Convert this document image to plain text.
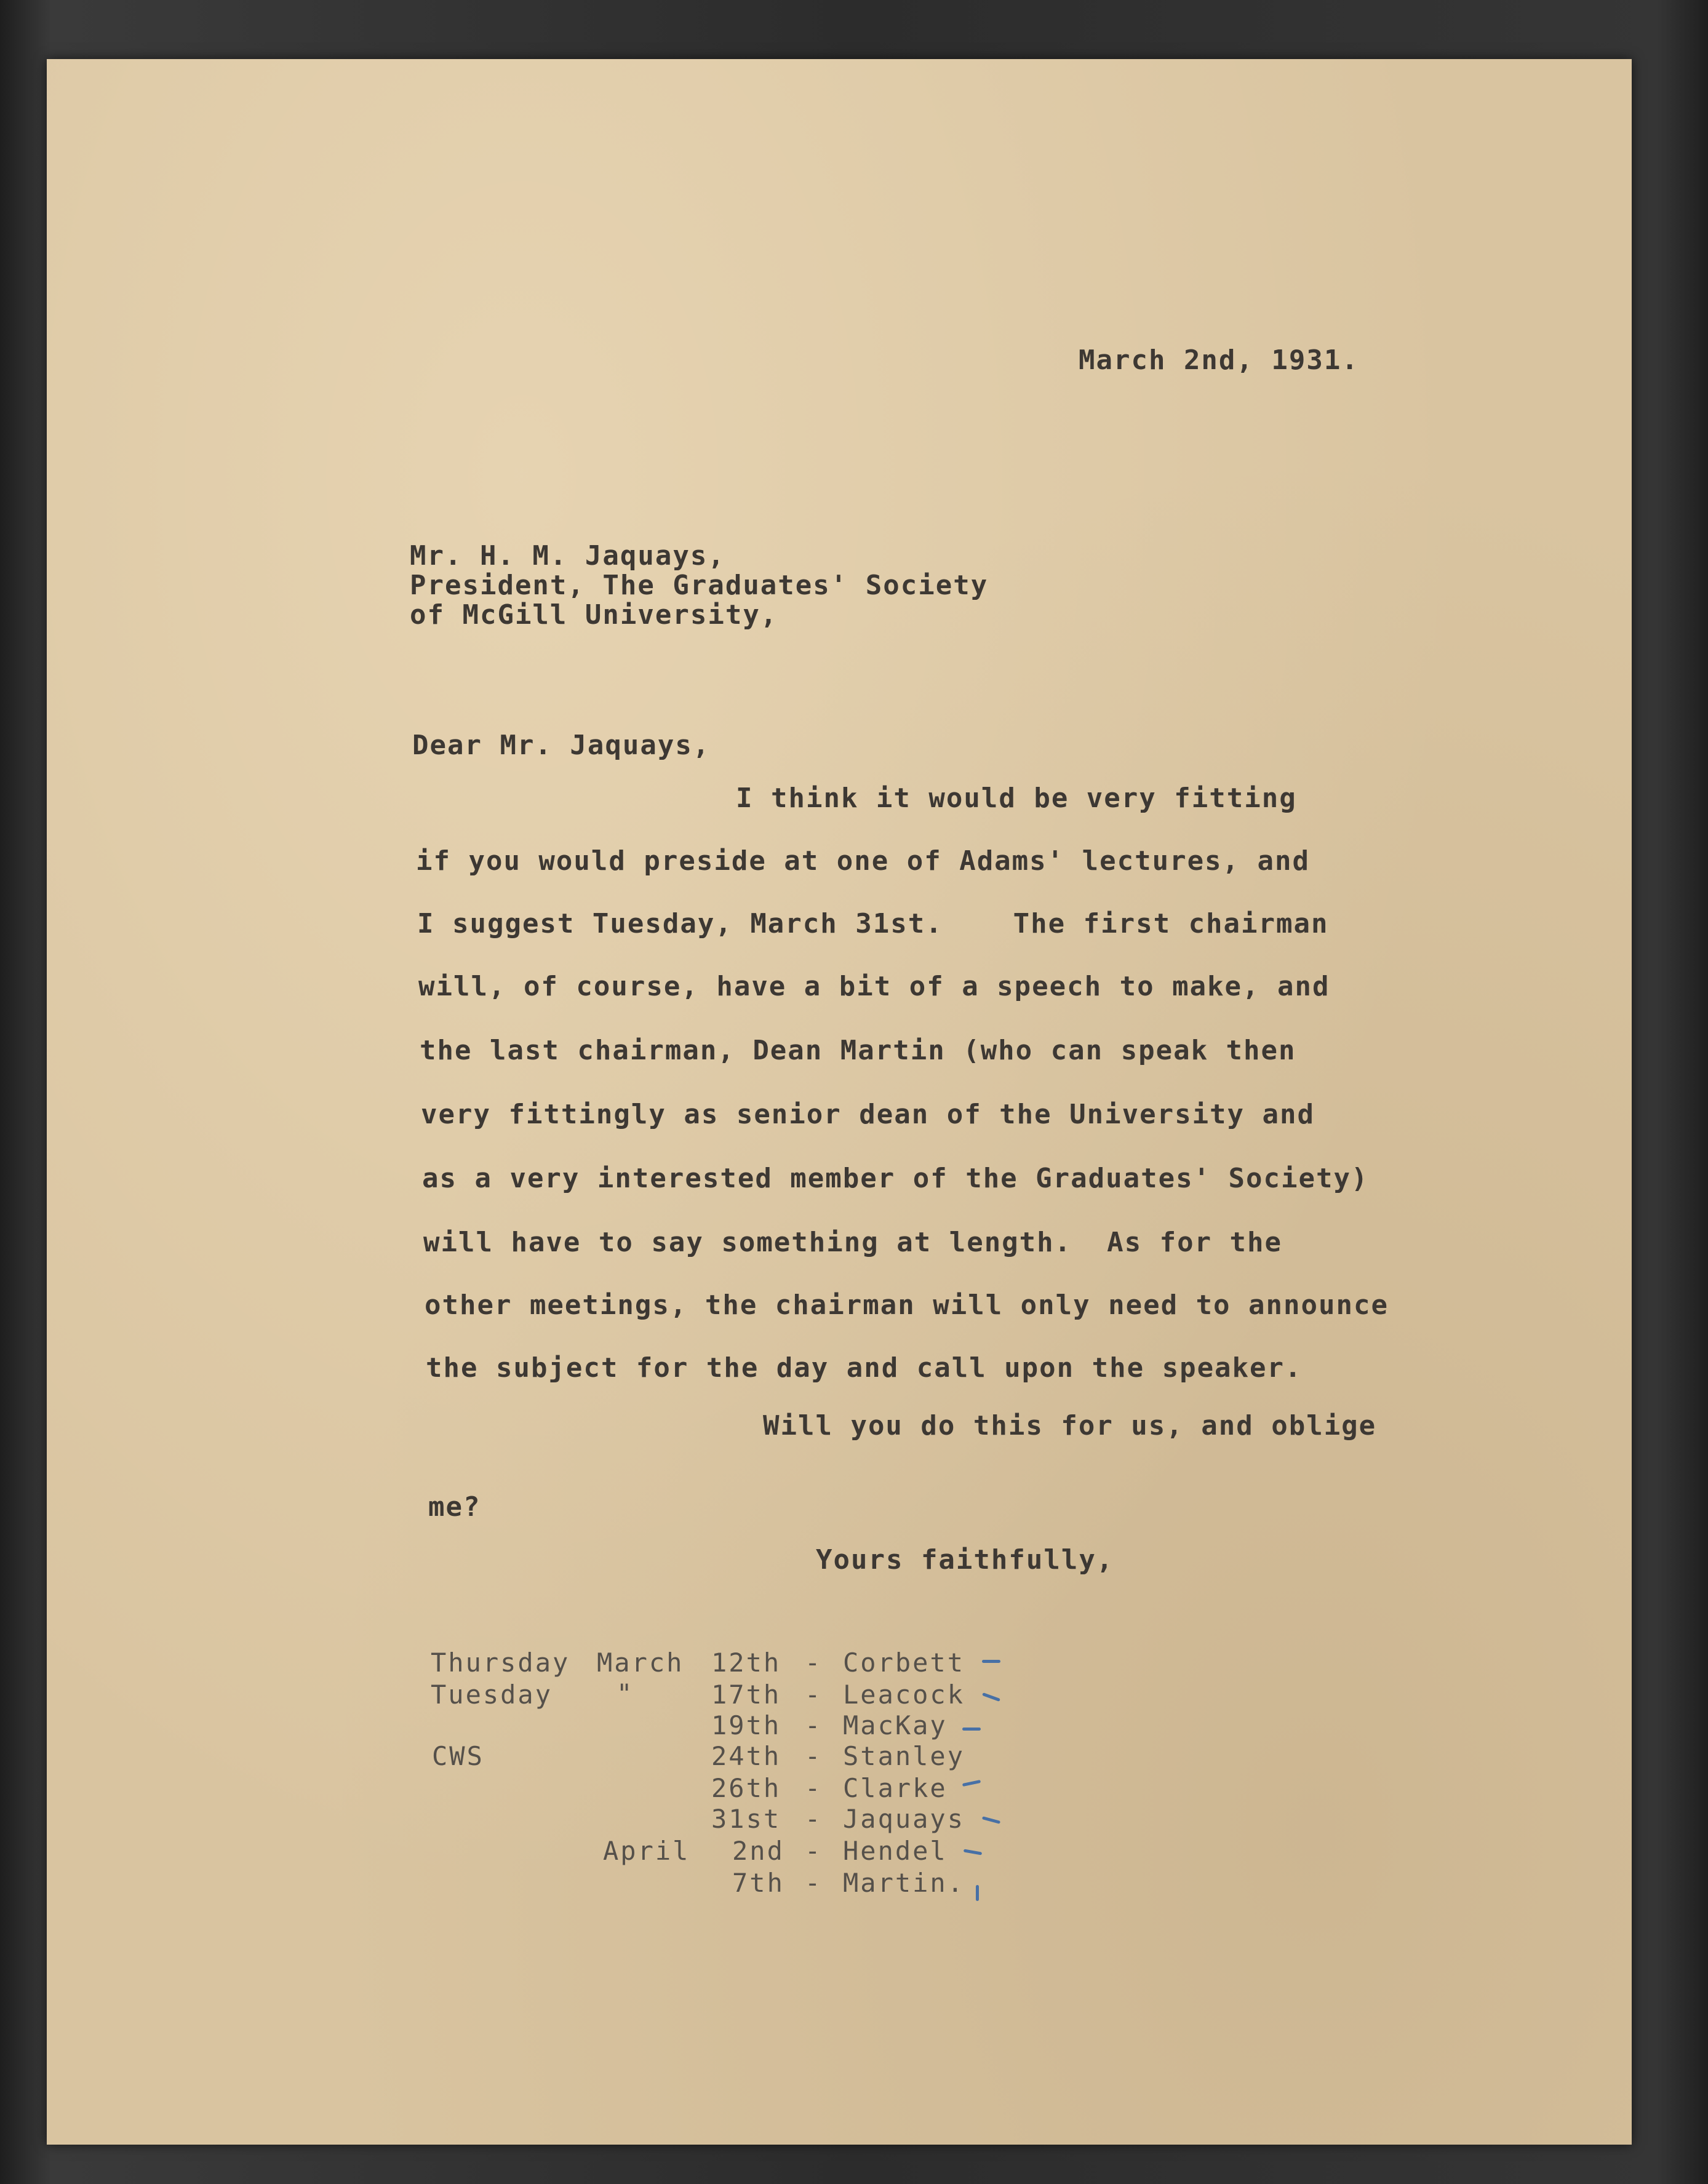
March 2nd, 1931.
Mr. H. M. Jaquays,
President, The Graduates' Society
of McGill University,
Dear Mr. Jaquays,
I think it would be very fitting
if you would preside at one of Adams' lectures, and
I suggest Tuesday, March 31st.    The first chairman
will, of course, have a bit of a speech to make, and
the last chairman, Dean Martin (who can speak then
very fittingly as senior dean of the University and
as a very interested member of the Graduates' Society)
will have to say something at length.  As for the
other meetings, the chairman will only need to announce
the subject for the day and call upon the speaker.
Will you do this for us, and oblige
me?
Yours faithfully,
Thursday March 12th - Corbett
Tuesday "	17th - Leacock
19th - MacKay
CWS	24th - Stanley
26th - Clarke
31st - Jaquays
April 2nd - Hendel
7th - Martin.
